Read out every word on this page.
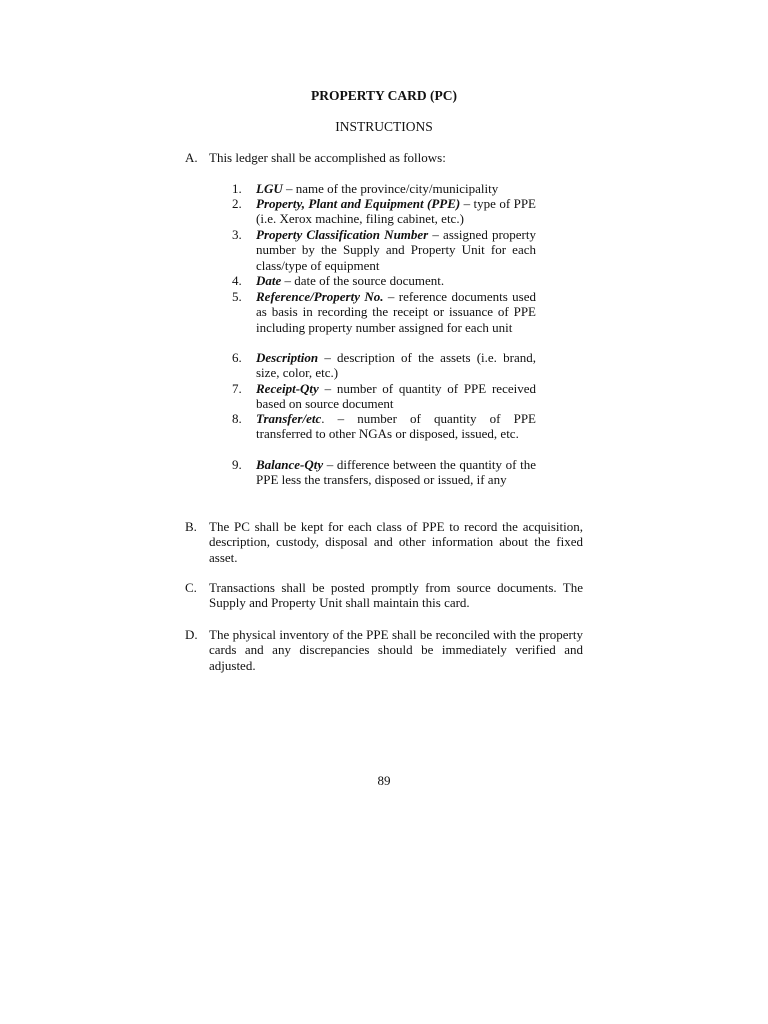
PROPERTY CARD (PC)
INSTRUCTIONS
A. This ledger shall be accomplished as follows:
1.	LGU – name of the province/city/municipality
2.	Property, Plant and Equipment (PPE) – type of PPE (i.e. Xerox machine, filing cabinet, etc.)
3.	Property Classification Number – assigned property number by the Supply and Property Unit for each class/type of equipment
4.	Date – date of the source document.
5.	Reference/Property No. – reference documents used as basis in recording the receipt or issuance of PPE including property number assigned for each unit
6.	Description – description of the assets (i.e. brand, size, color, etc.)
7.	Receipt-Qty – number of quantity of PPE received based on source document
8.	Transfer/etc. – number of quantity of PPE transferred to other NGAs or disposed, issued, etc.
9.	Balance-Qty – difference between the quantity of the PPE less the transfers, disposed or issued, if any
B. The PC shall be kept for each class of PPE to record the acquisition, description, custody, disposal and other information about the fixed asset.
C. Transactions shall be posted promptly from source documents. The Supply and Property Unit shall maintain this card.
D. The physical inventory of the PPE shall be reconciled with the property cards and any discrepancies should be immediately verified and adjusted.
89
